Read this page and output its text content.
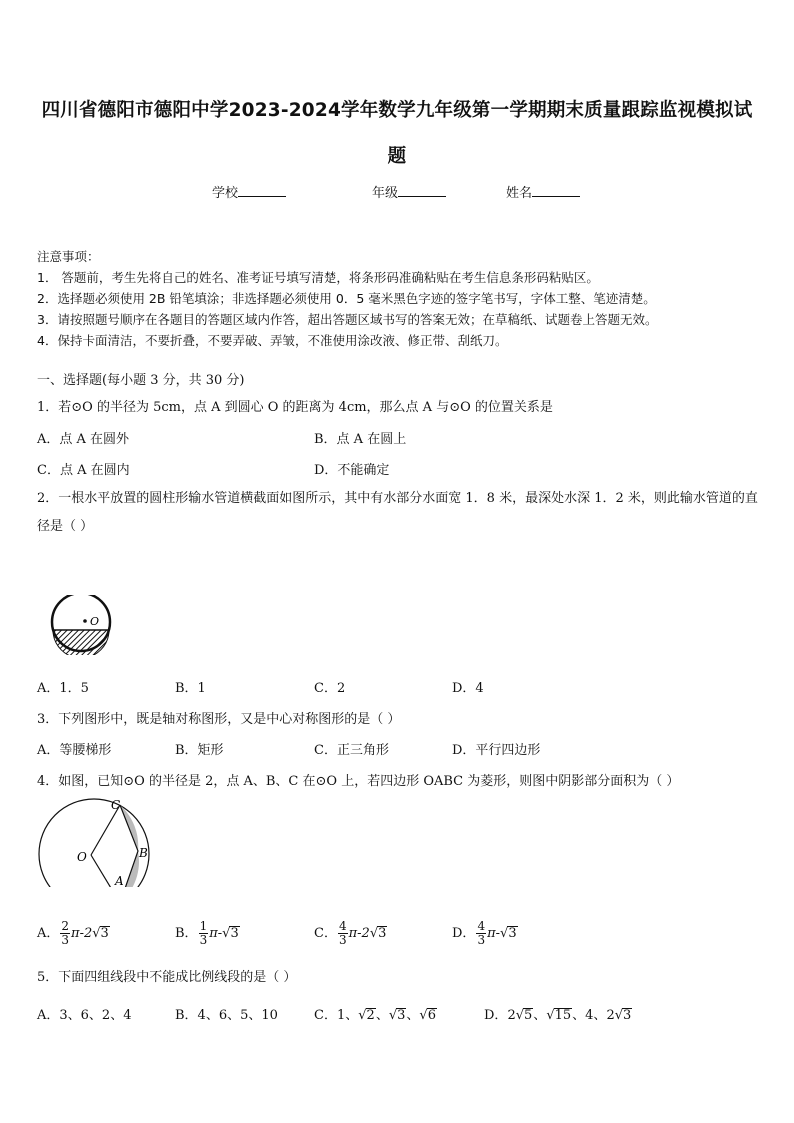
四川省德阳市德阳中学2023-2024学年数学九年级第一学期期末质量跟踪监视模拟试
题
学校	年级	姓名
注意事项：
1． 答题前，考生先将自己的姓名、准考证号填写清楚，将条形码准确粘贴在考生信息条形码粘贴区。
2．选择题必须使用 2B 铅笔填涂；非选择题必须使用 0．5 毫米黑色字迹的签字笔书写，字体工整、笔迹清楚。
3．请按照题号顺序在各题目的答题区域内作答，超出答题区域书写的答案无效；在草稿纸、试题卷上答题无效。
4．保持卡面清洁，不要折叠，不要弄破、弄皱，不准使用涂改液、修正带、刮纸刀。
一、选择题(每小题 3 分，共 30 分)
1．若⊙O 的半径为 5cm，点 A 到圆心 O 的距离为 4cm，那么点 A 与⊙O 的位置关系是
A．点 A 在圆外	B．点 A 在圆上
C．点 A 在圆内	D．不能确定
2．一根水平放置的圆柱形输水管道横截面如图所示，其中有水部分水面宽 1．8 米，最深处水深 1．2 米，则此输水管道的直径是（ ）
O
A．1．5	B．1	C．2	D．4
3．下列图形中，既是轴对称图形，又是中心对称图形的是（ ）
A．等腰梯形	B．矩形	C．正三角形	D．平行四边形
4．如图，已知⊙O 的半径是 2，点 A、B、C 在⊙O 上，若四边形 OABC 为菱形，则图中阴影部分面积为（ ）
O
C
B
A
A． $\frac{2}{3} \pi-2√3$	B． $\frac{1}{3} \pi-√3$	C． $\frac{4}{3} \pi-2√3$	D． $\frac{4}{3} \pi-√3$
5．下面四组线段中不能成比例线段的是（ ）
A．3、6、2、4	B．4、6、5、10	C．1、√2、√3、√6	D．2√5、√15、4、2√3
